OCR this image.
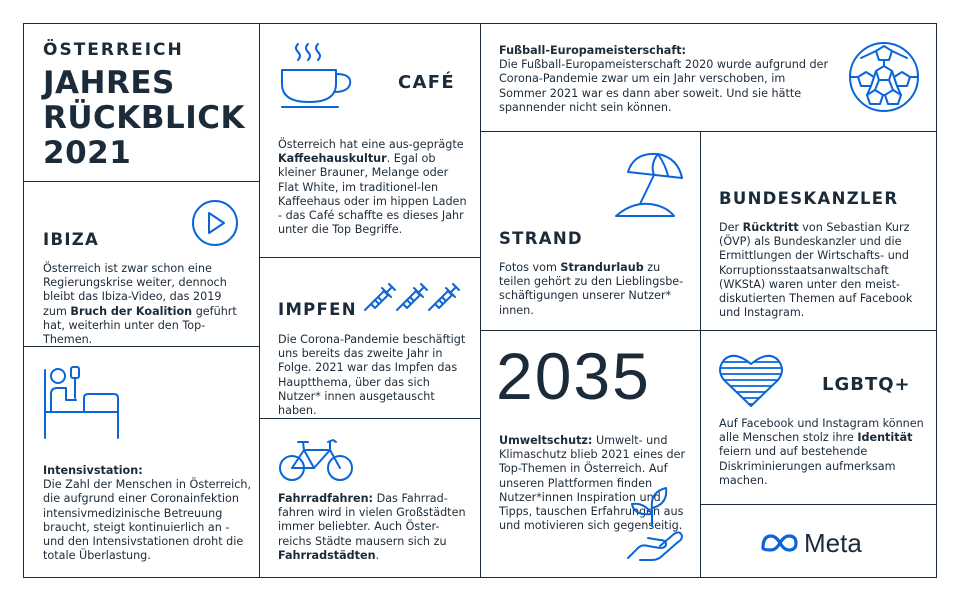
ÖSTERREICH
JAHRES
RÜCKBLICK
2021
IBIZA
Österreich ist zwar schon eine Regierungskrise weiter, dennoch bleibt das Ibiza-Video, das 2019 zum Bruch der Koalition geführt hat, weiterhin unter den Top-Themen.
Intensivstation:
Die Zahl der Menschen in Österreich, die aufgrund einer Coronainfektion intensivmedizinische Betreuung braucht, steigt kontinuierlich an - und den Intensivstationen droht die totale Überlastung.
CAFÉ
Österreich hat eine aus-geprägte Kaffeehauskultur. Egal ob kleiner Brauner, Melange oder Flat White, im traditionel-len Kaffeehaus oder im hippen Laden - das Café schaffte es dieses Jahr unter die Top Begriffe.
IMPFEN
Die Corona-Pandemie beschäftigt uns bereits das zweite Jahr in Folge. 2021 war das Impfen das Hauptthema, über das sich Nutzer* innen ausgetauscht haben.
Fahrradfahren: Das Fahrrad-fahren wird in vielen Großstädten immer beliebter. Auch Öster-reichs Städte mausern sich zu Fahrradstädten.
Fußball-Europameisterschaft:
Die Fußball-Europameisterschaft 2020 wurde aufgrund der Corona-Pandemie zwar um ein Jahr verschoben, im Sommer 2021 war es dann aber soweit. Und sie hätte spannender nicht sein können.
STRAND
Fotos vom Strandurlaub zu teilen gehört zu den Lieblingsbe-schäftigungen unserer Nutzer* innen.
BUNDESKANZLER
Der Rücktritt von Sebastian Kurz (ÖVP) als Bundeskanzler und die Ermittlungen der Wirtschafts- und Korruptionsstaatsanwaltschaft (WKStA) waren unter den meist-diskutierten Themen auf Facebook und Instagram.
2035
Umweltschutz: Umwelt- und Klimaschutz blieb 2021 eines der Top-Themen in Österreich. Auf unseren Plattformen finden Nutzer*innen Inspiration und Tipps, tauschen Erfahrungen aus und motivieren sich gegenseitig.
LGBTQ+
Auf Facebook und Instagram können alle Menschen stolz ihre Identität feiern und auf bestehende Diskriminierungen aufmerksam machen.
Meta
